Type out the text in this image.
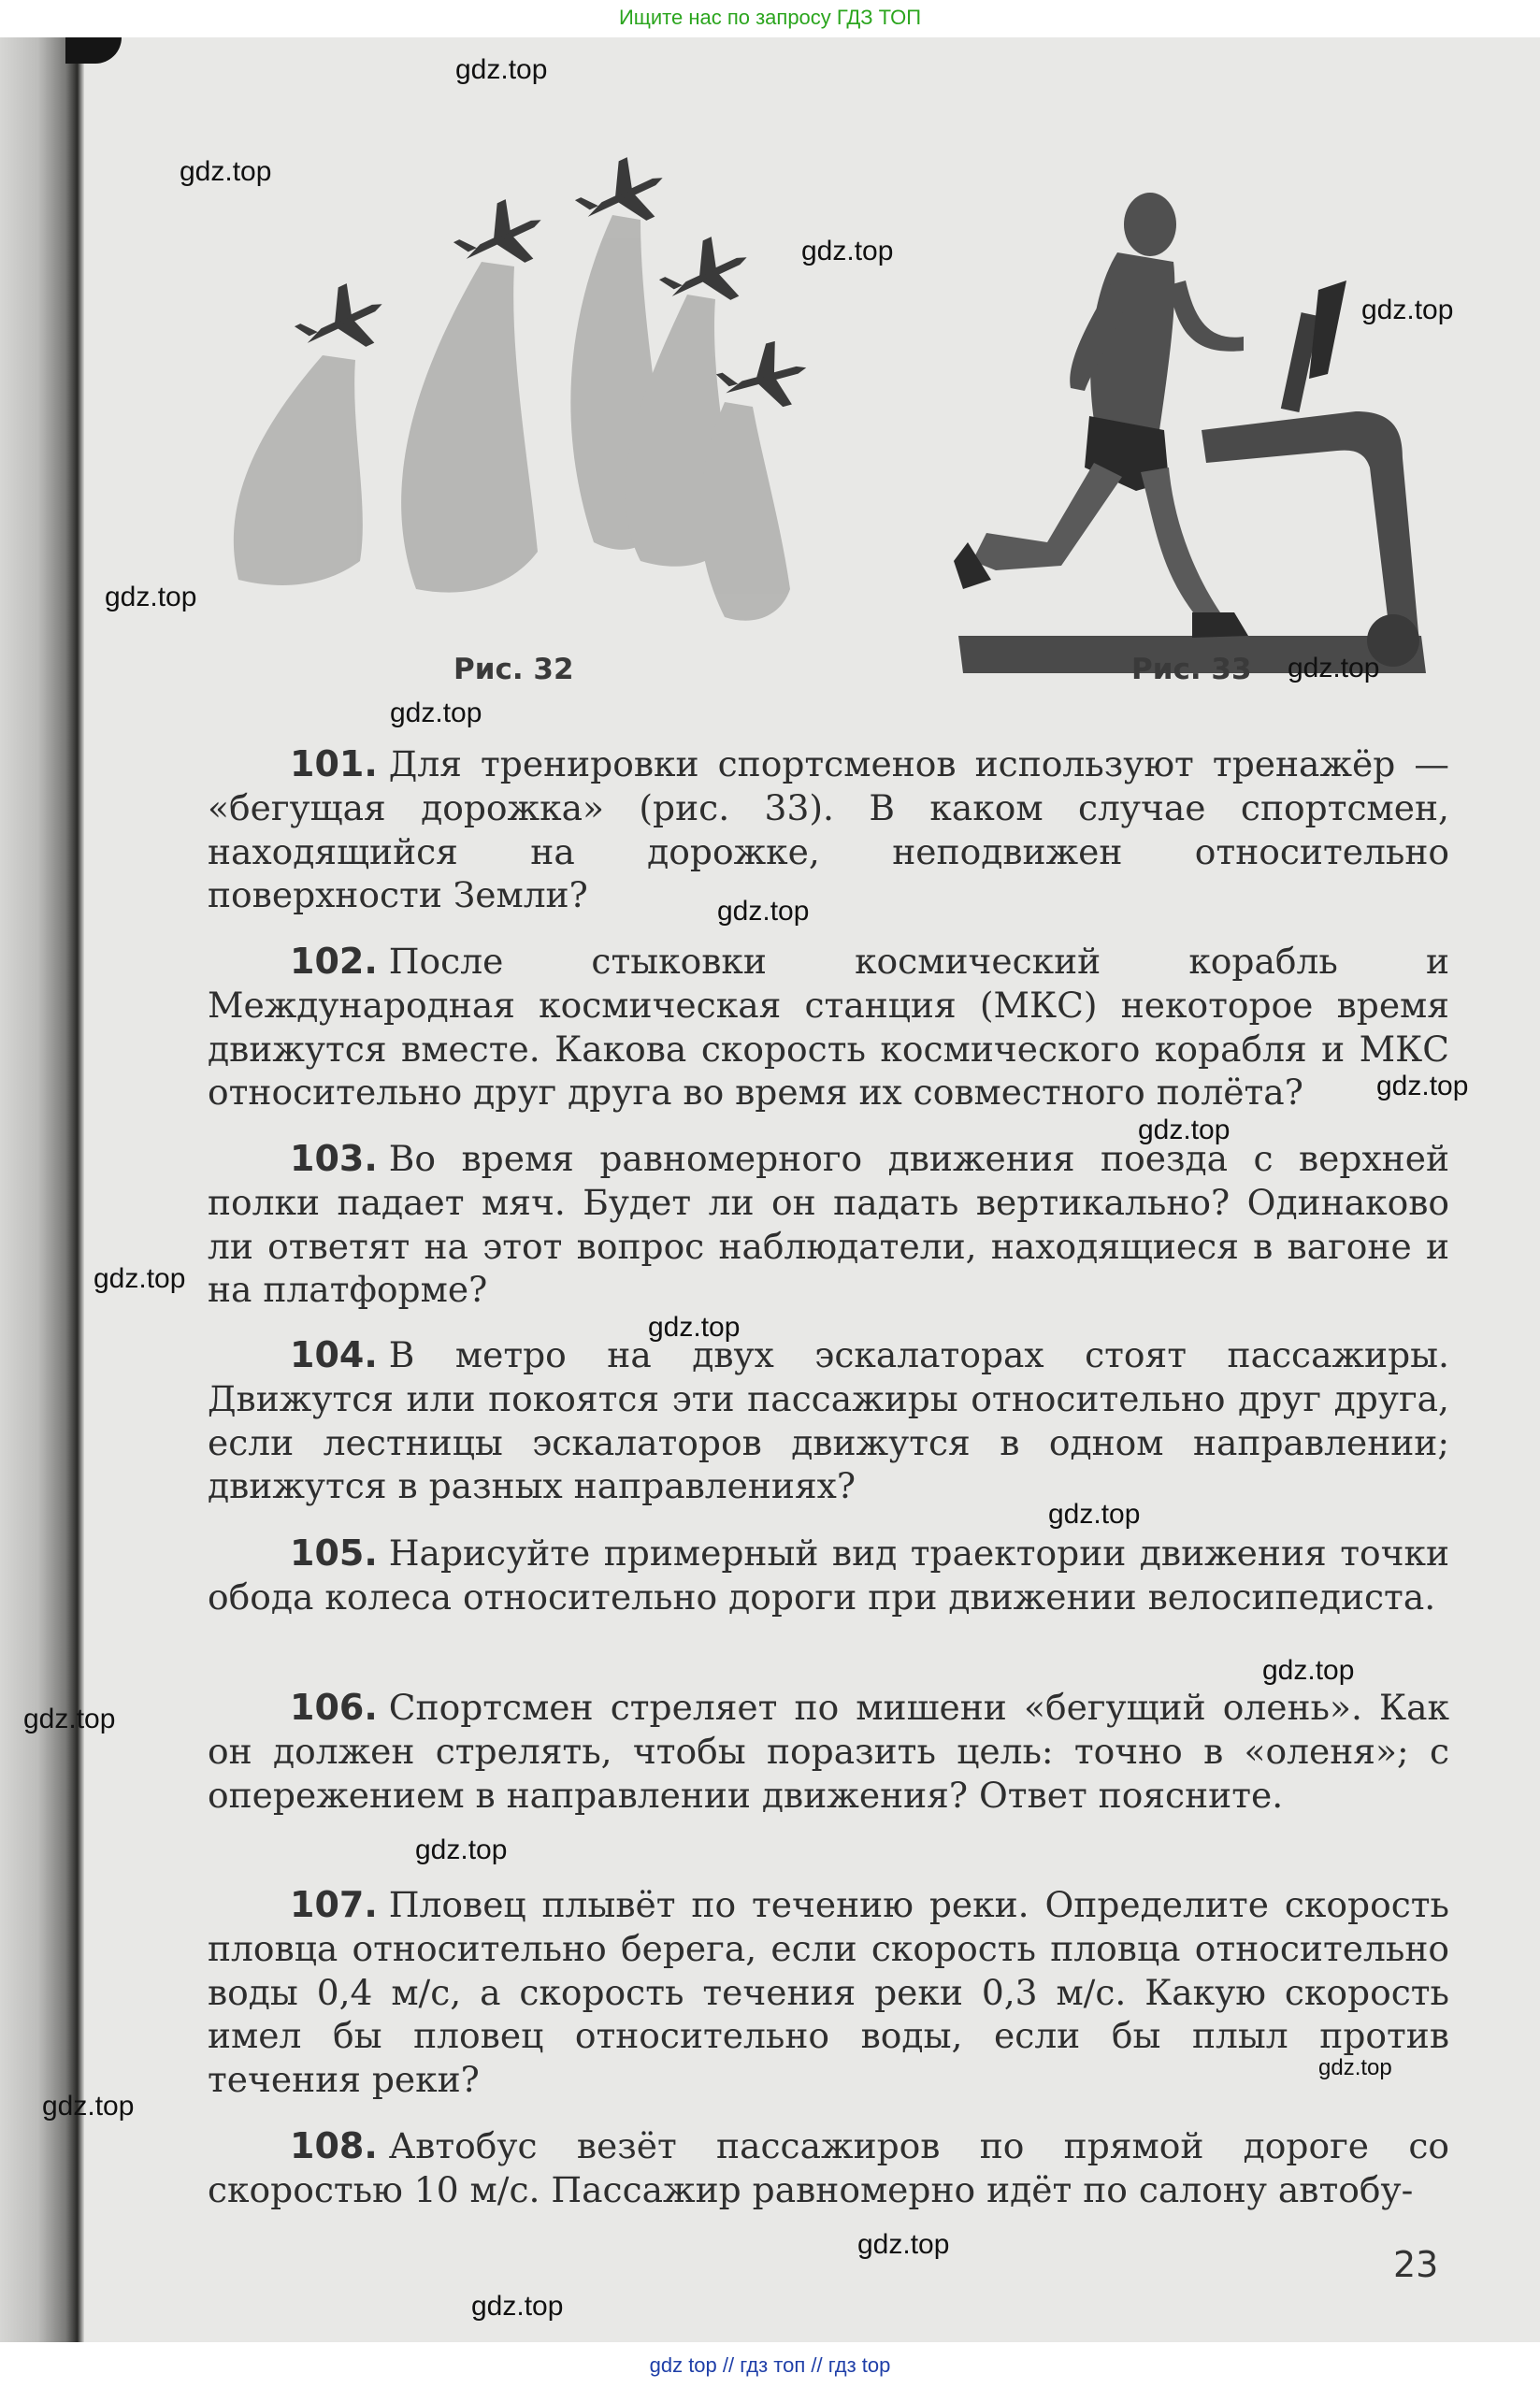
Ищите нас по запросу ГДЗ ТОП
Рис. 32	Рис. 33
101. Для тренировки спортсменов используют тренажёр — «бегущая дорожка» (рис. 33). В каком случае спортсмен, находящийся на дорожке, неподвижен относительно поверхности Земли?
102. После стыковки космический корабль и Международная космическая станция (МКС) некоторое время движутся вместе. Какова скорость космического корабля и МКС относительно друг друга во время их совместного полёта?
103. Во время равномерного движения поезда с верхней полки падает мяч. Будет ли он падать вертикально? Одинаково ли ответят на этот вопрос наблюдатели, находящиеся в вагоне и на платформе?
104. В метро на двух эскалаторах стоят пассажиры. Движутся или покоятся эти пассажиры относительно друг друга, если лестницы эскалаторов движутся в одном направлении; движутся в разных направлениях?
105. Нарисуйте примерный вид траектории движения точки обода колеса относительно дороги при движении велосипедиста.
106. Спортсмен стреляет по мишени «бегущий олень». Как он должен стрелять, чтобы поразить цель: точно в «оленя»; с опережением в направлении движения? Ответ поясните.
107. Пловец плывёт по течению реки. Определите скорость пловца относительно берега, если скорость пловца относительно воды 0,4 м/с, а скорость течения реки 0,3 м/с. Какую скорость имел бы пловец относительно воды, если бы плыл против течения реки?
108. Автобус везёт пассажиров по прямой дороге со скоростью 10 м/с. Пассажир равномерно идёт по салону автобу-
23
gdz.top
gdz.top
gdz.top
gdz.top
gdz.top
gdz.top
gdz.top
gdz.top
gdz.top
gdz.top
gdz.top
gdz.top
gdz.top
gdz.top
gdz.top
gdz.top
gdz.top
gdz.top
gdz.top
gdz.top
gdz top // гдз топ // гдз top
